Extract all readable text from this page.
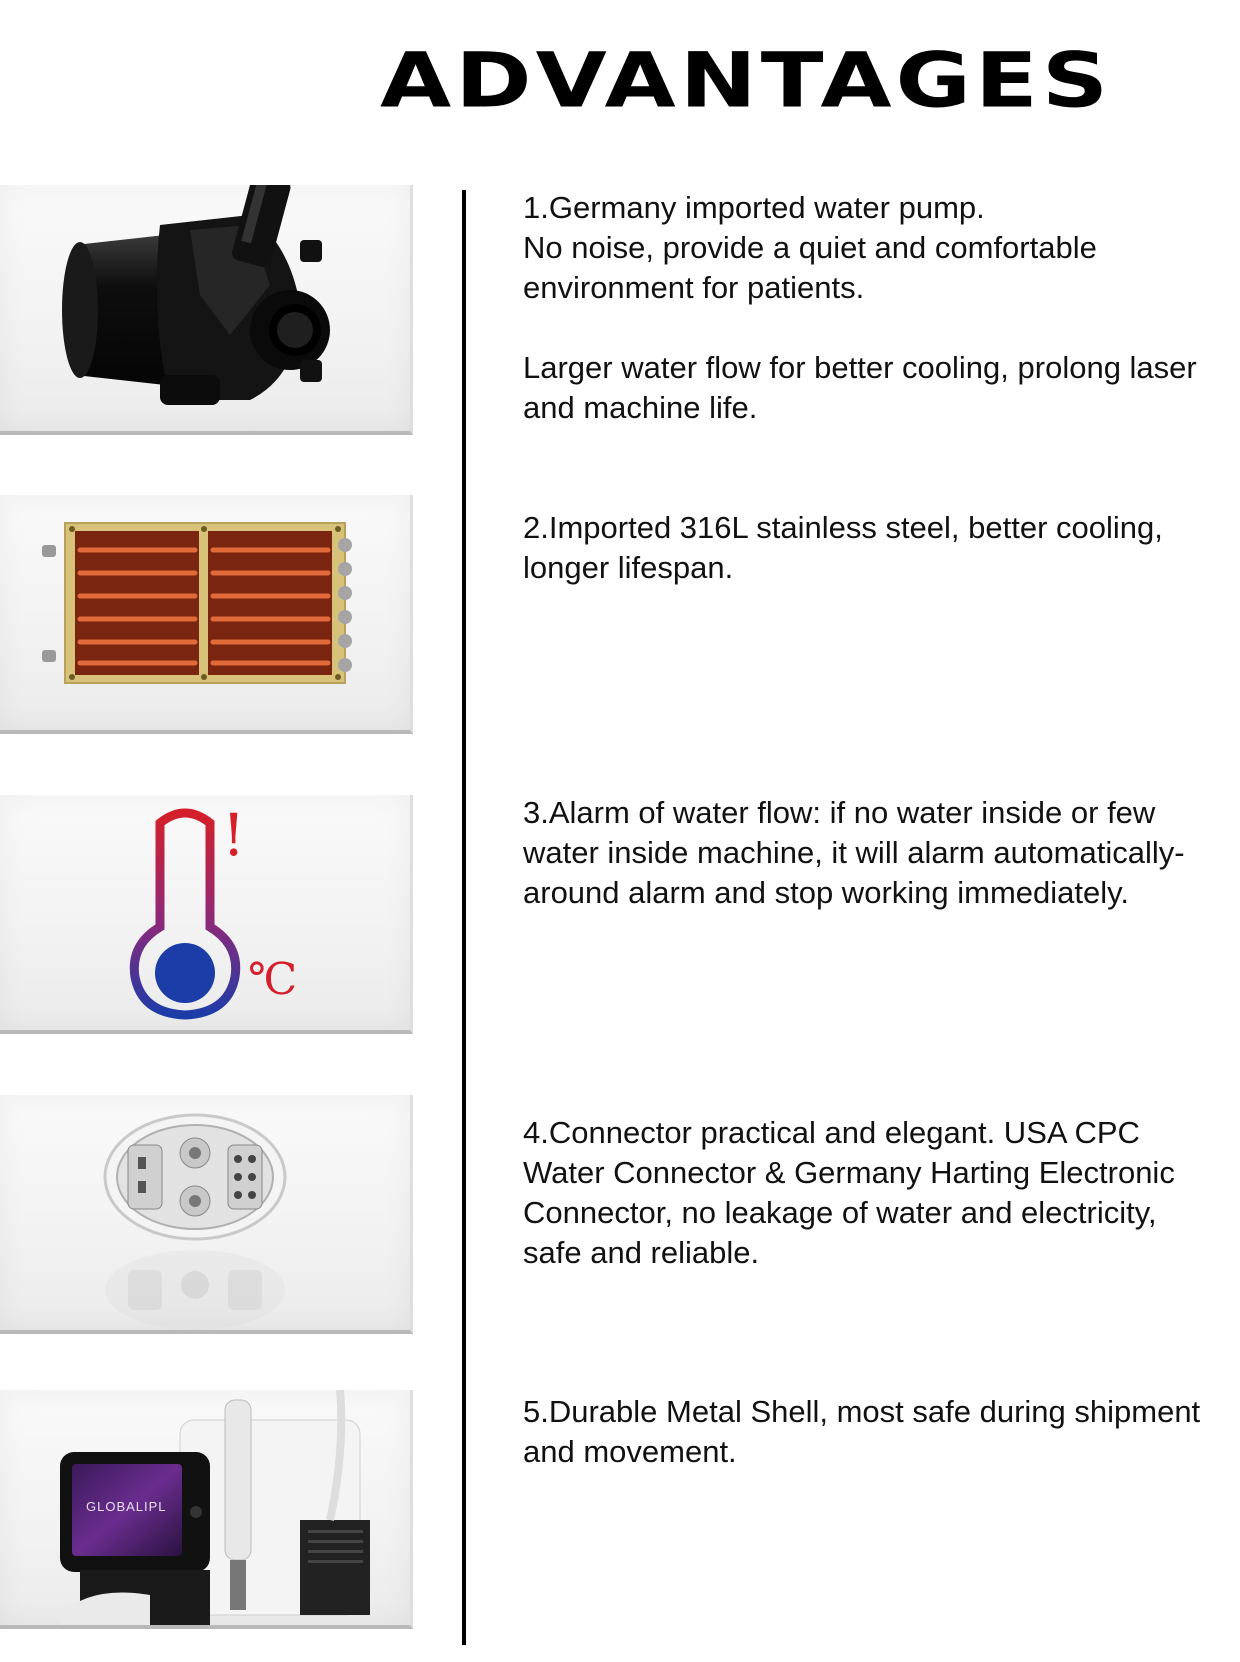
ADVANTAGES
1.Germany imported water pump.
No noise, provide a quiet and comfortable environment for patients.
Larger water flow for better cooling, prolong laser and machine life.

2.Imported 316L stainless steel, better cooling, longer lifespan.

!
℃

3.Alarm of water flow: if no water inside or few water inside machine, it will alarm automatically-around alarm and stop working immediately.

4.Connector practical and elegant. USA CPC Water Connector & Germany Harting Electronic Connector, no leakage of water and electricity, safe and reliable.

GLOBALIPL

5.Durable Metal Shell, most safe during shipment and movement.
